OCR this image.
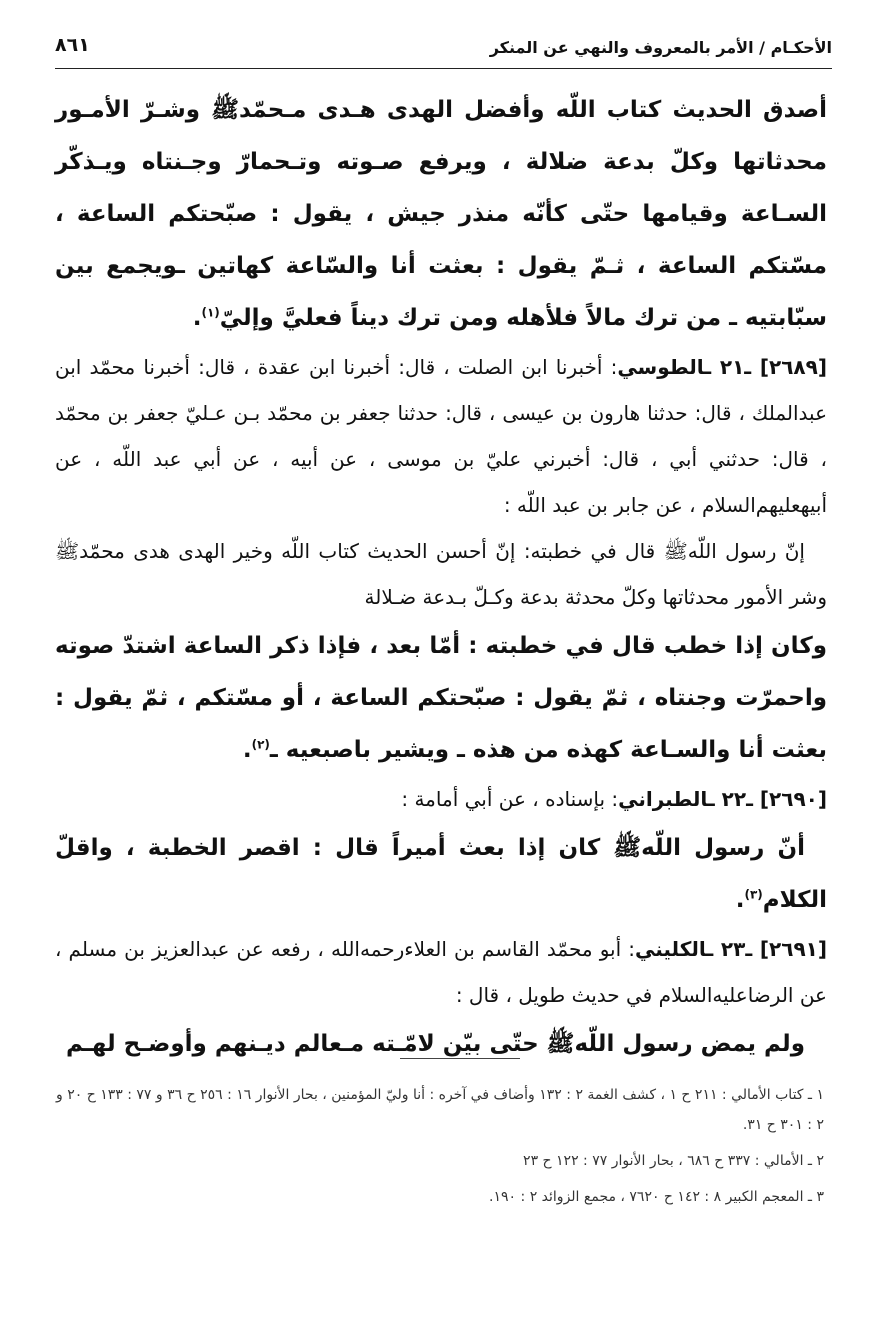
الأحكـام / الأمر بالمعروف والنهي عن المنكر
٨٦١

أصدق الحديث كتاب اللّه وأفضل الهدى هـدى مـحمّدﷺ وشـرّ الأمـور محدثاتها وكلّ بدعة ضلالة ، ويرفع صـوته وتـحمارّ وجـنتاه ويـذكّر السـاعة وقيامها حتّى كأنّه منذر جيش ، يقول : صبّحتكم الساعة ، مسّتكم الساعة ، ثـمّ يقول : بعثت أنا والسّاعة كهاتين ـويجمع بين سبّابتيه ـ من ترك مالاً فلأهله ومن ترك ديناً فعليَّ وإليّ$^{(١)}$.

[٢٦٨٩] ـ٢١ ـالطوسي: أخبرنا ابن الصلت ، قال: أخبرنا ابن عقدة ، قال: أخبرنا محمّد ابن عبدالملك ، قال: حدثنا هارون بن عيسى ، قال: حدثنا جعفر بن محمّد بـن عـليّ جعفر بن محمّد ، قال: حدثني أبي ، قال: أخبرني عليّ بن موسى ، عن أبيه ، عن أبي عبد اللّه ، عن أبيهعليهم‌السلام ، عن جابر بن عبد اللّه :

إنّ رسول اللّهﷺ قال في خطبته: إنّ أحسن الحديث كتاب اللّه وخير الهدى هدى محمّدﷺ وشر الأمور محدثاتها وكلّ محدثة بدعة وكـلّ بـدعة ضـلالة

وكان إذا خطب قال في خطبته : أمّا بعد ، فإذا ذكر الساعة اشتدّ صوته واحمرّت وجنتاه ، ثمّ يقول : صبّحتكم الساعة ، أو مسّتكم ، ثمّ يقول : بعثت أنا والسـاعة كهذه من هذه ـ ويشير باصبعيه ـ$^{(٢)}$.

[٢٦٩٠] ـ٢٢ ـالطبراني: بإسناده ، عن أبي أمامة :

أنّ رسول اللّهﷺ كان إذا بعث أميراً قال : اقصر الخطبة ، واقلّ الكلام$^{(٣)}$.

[٢٦٩١] ـ٢٣ ـالكليني: أبو محمّد القاسم بن العلاءرحمه‌الله ، رفعه عن عبدالعزيز بن مسلم ، عن الرضاعليه‌السلام في حديث طويل ، قال :

ولم يمض رسول اللّهﷺ حتّى بيّن لامّـته مـعالم ديـنهم وأوضـح لهـم

١ ـ كتاب الأمالي : ٢١١ ح ١ ، كشف الغمة ٢ : ١٣٢ وأضاف في آخره : أنا وليّ المؤمنين ، بحار الأنوار ١٦ : ٢٥٦ ح ٣٦ و ٧٧ : ١٣٣ ح ٢٠ و ٢ : ٣٠١ ح ٣١.

٢ ـ الأمالي : ٣٣٧ ح ٦٨٦ ، بحار الأنوار ٧٧ : ١٢٢ ح ٢٣

٣ ـ المعجم الكبير ٨ : ١٤٢ ح ٧٦٢٠ ، مجمع الزوائد ٢ : ١٩٠.
